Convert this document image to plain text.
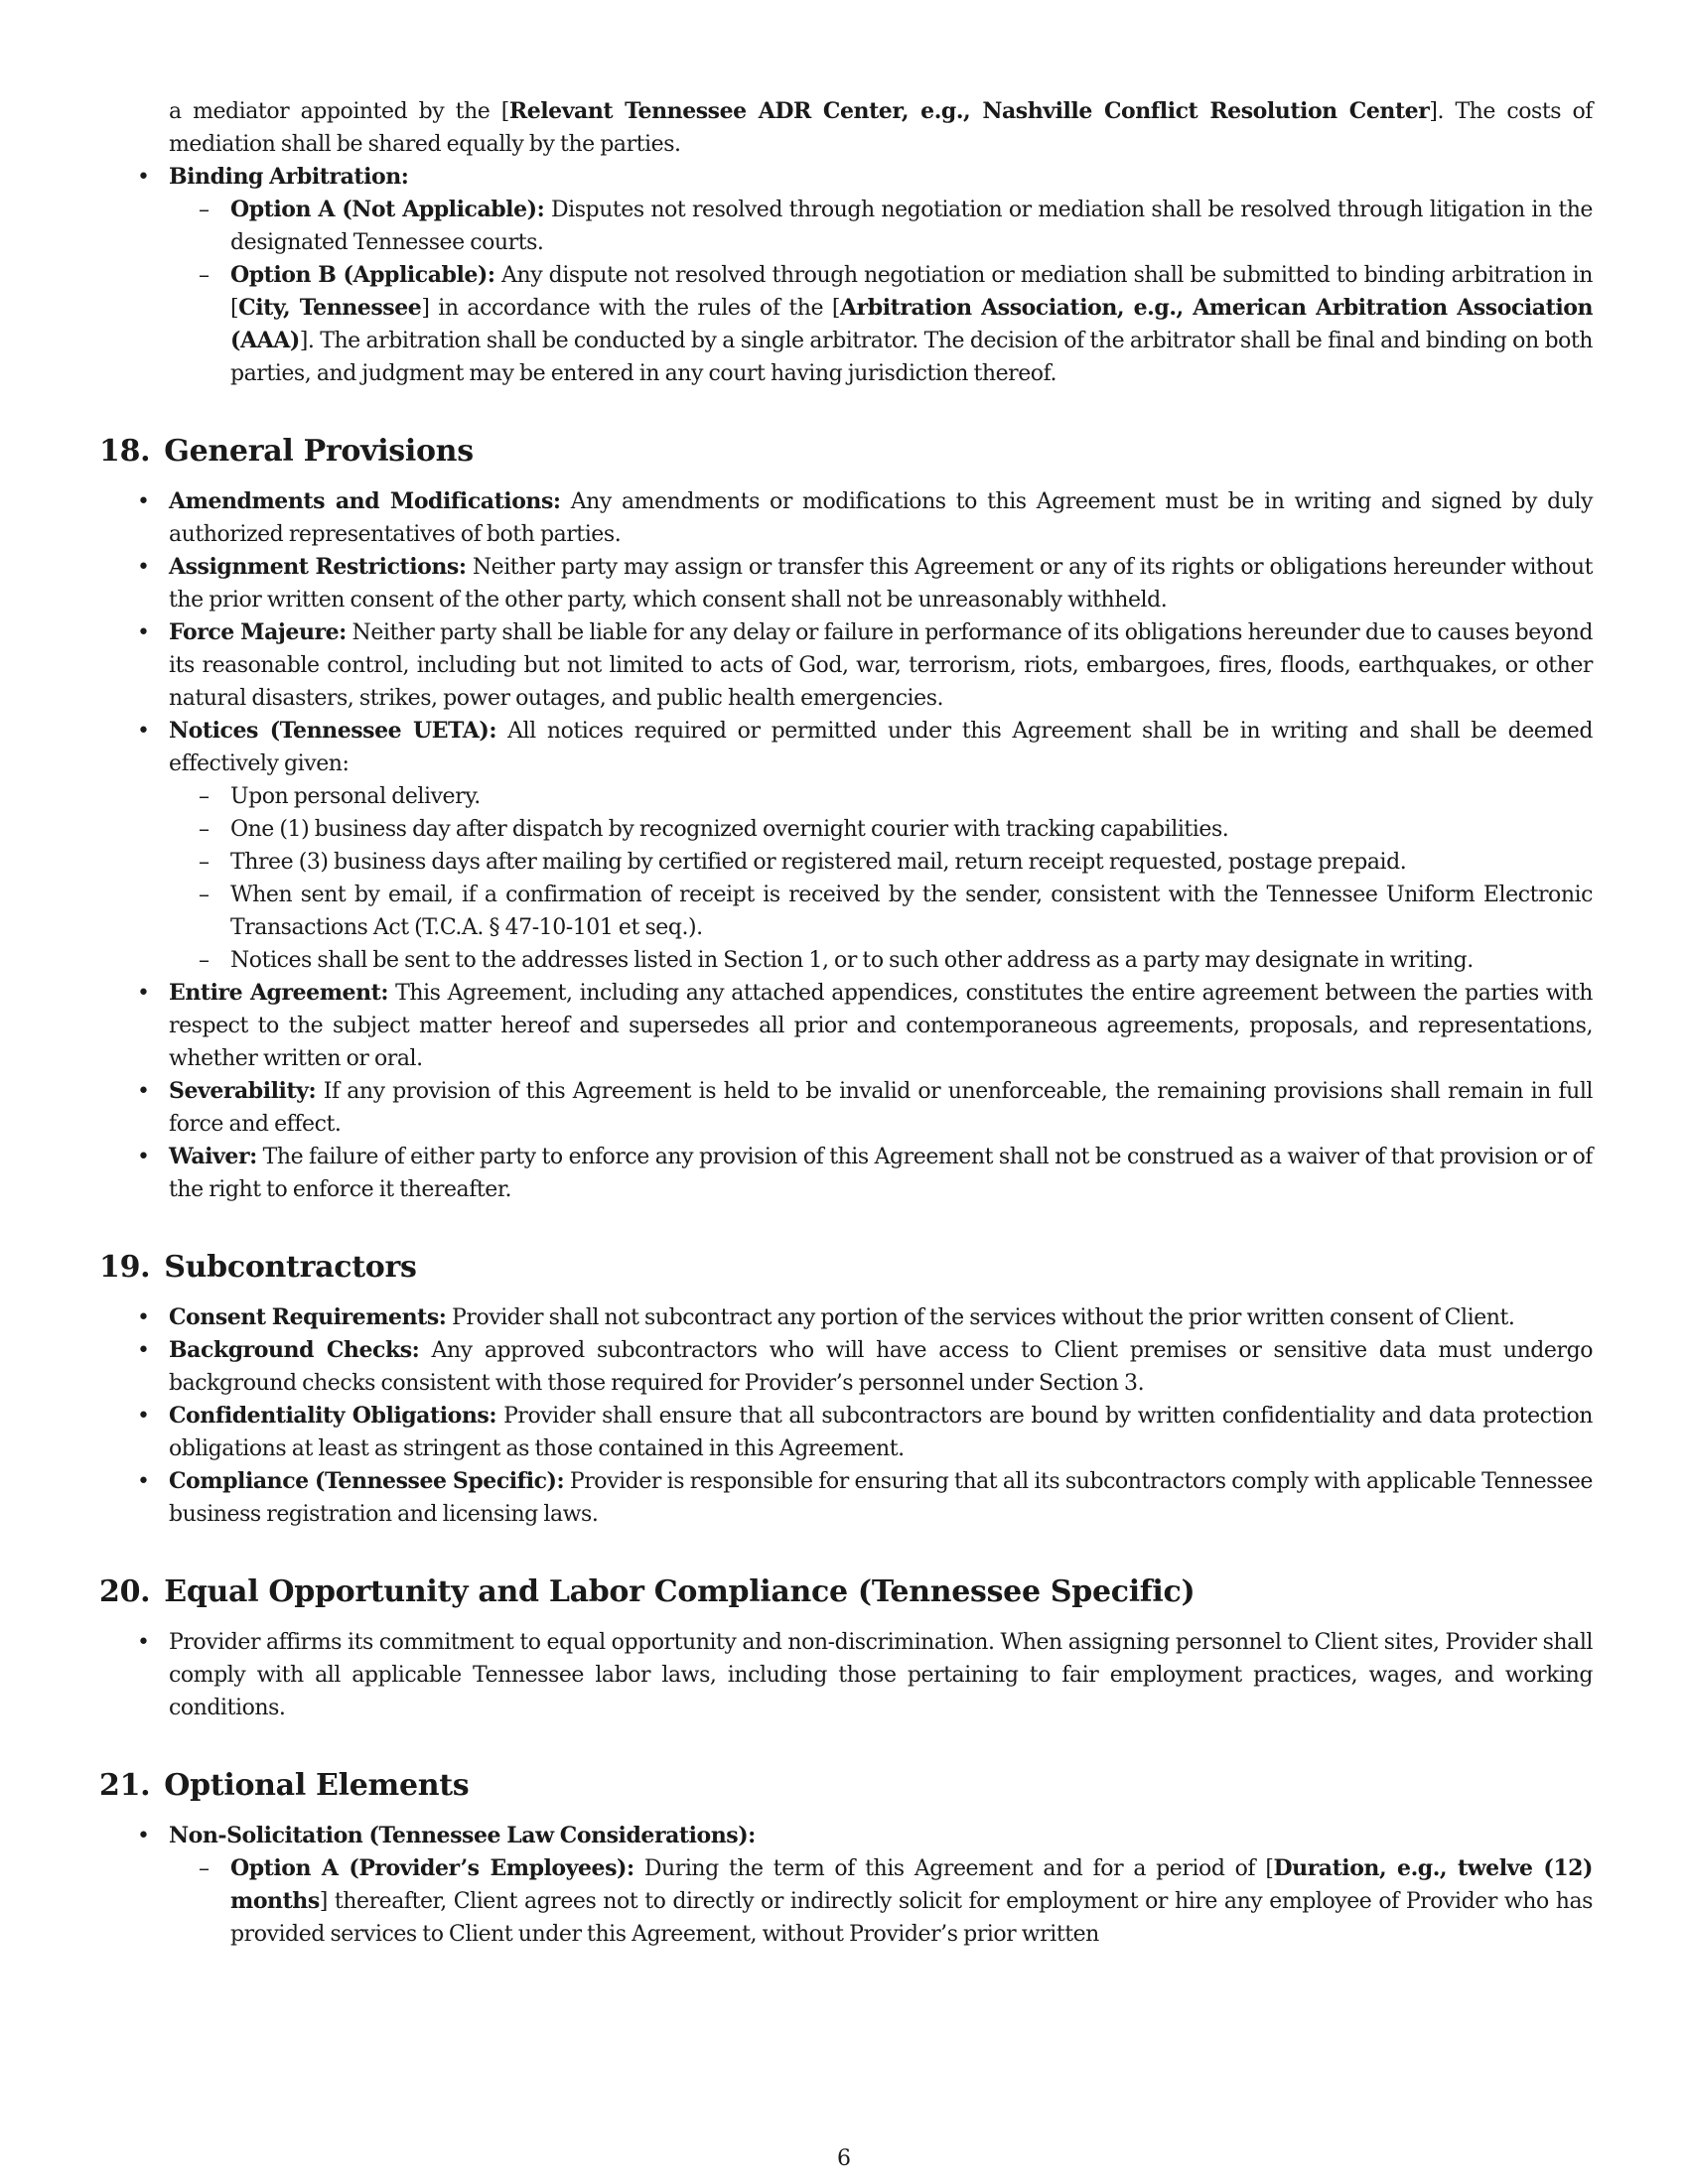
a mediator appointed by the [Relevant Tennessee ADR Center, e.g., Nashville Conflict Resolution Center]. The costs of mediation shall be shared equally by the parties.
• Binding Arbitration:
– Option A (Not Applicable): Disputes not resolved through negotiation or mediation shall be resolved through litigation in the designated Tennessee courts.
– Option B (Applicable): Any dispute not resolved through negotiation or mediation shall be submitted to binding arbitration in [City, Tennessee] in accordance with the rules of the [Arbitration Association, e.g., American Arbitration Association (AAA)]. The arbitration shall be conducted by a single arbitrator. The decision of the arbitrator shall be final and binding on both parties, and judgment may be entered in any court having jurisdiction thereof.
18. General Provisions
• Amendments and Modifications: Any amendments or modifications to this Agreement must be in writing and signed by duly authorized representatives of both parties.
• Assignment Restrictions: Neither party may assign or transfer this Agreement or any of its rights or obligations hereunder without the prior written consent of the other party, which consent shall not be unreasonably withheld.
• Force Majeure: Neither party shall be liable for any delay or failure in performance of its obligations hereunder due to causes beyond its reasonable control, including but not limited to acts of God, war, terrorism, riots, embargoes, fires, floods, earthquakes, or other natural disasters, strikes, power outages, and public health emergencies.
• Notices (Tennessee UETA): All notices required or permitted under this Agreement shall be in writing and shall be deemed effectively given:
– Upon personal delivery.
– One (1) business day after dispatch by recognized overnight courier with tracking capabilities.
– Three (3) business days after mailing by certified or registered mail, return receipt requested, postage prepaid.
– When sent by email, if a confirmation of receipt is received by the sender, consistent with the Tennessee Uniform Electronic Transactions Act (T.C.A. § 47-10-101 et seq.).
– Notices shall be sent to the addresses listed in Section 1, or to such other address as a party may designate in writing.
• Entire Agreement: This Agreement, including any attached appendices, constitutes the entire agreement between the parties with respect to the subject matter hereof and supersedes all prior and contemporaneous agreements, proposals, and representations, whether written or oral.
• Severability: If any provision of this Agreement is held to be invalid or unenforceable, the remaining provisions shall remain in full force and effect.
• Waiver: The failure of either party to enforce any provision of this Agreement shall not be construed as a waiver of that provision or of the right to enforce it thereafter.
19. Subcontractors
• Consent Requirements: Provider shall not subcontract any portion of the services without the prior written consent of Client.
• Background Checks: Any approved subcontractors who will have access to Client premises or sensitive data must undergo background checks consistent with those required for Provider’s personnel under Section 3.
• Confidentiality Obligations: Provider shall ensure that all subcontractors are bound by written confidentiality and data protection obligations at least as stringent as those contained in this Agreement.
• Compliance (Tennessee Specific): Provider is responsible for ensuring that all its subcontractors comply with applicable Tennessee business registration and licensing laws.
20. Equal Opportunity and Labor Compliance (Tennessee Specific)
• Provider affirms its commitment to equal opportunity and non-discrimination. When assigning personnel to Client sites, Provider shall comply with all applicable Tennessee labor laws, including those pertaining to fair employment practices, wages, and working conditions.
21. Optional Elements
• Non-Solicitation (Tennessee Law Considerations):
– Option A (Provider’s Employees): During the term of this Agreement and for a period of [Duration, e.g., twelve (12) months] thereafter, Client agrees not to directly or indirectly solicit for employment or hire any employee of Provider who has provided services to Client under this Agreement, without Provider’s prior written
6
